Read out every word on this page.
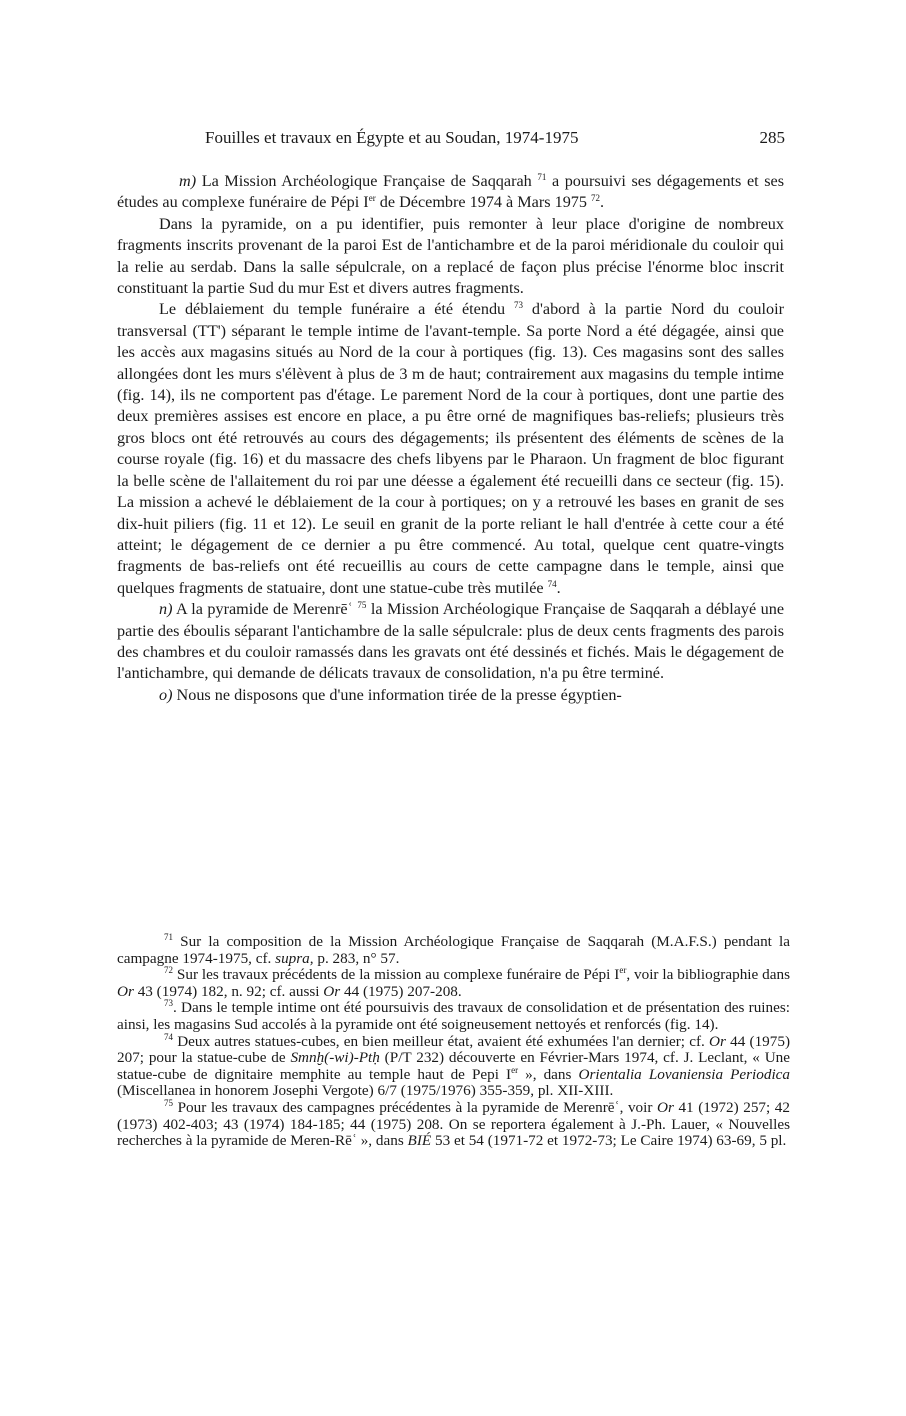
Fouilles et travaux en Égypte et au Soudan, 1974-1975	285

m) La Mission Archéologique Française de Saqqarah $^{71}$ a poursuivi ses dégagements et ses études au complexe funéraire de Pépi Ier de Décembre 1974 à Mars 1975 $^{72}$.

Dans la pyramide, on a pu identifier, puis remonter à leur place d'origine de nombreux fragments inscrits provenant de la paroi Est de l'antichambre et de la paroi méridionale du couloir qui la relie au serdab. Dans la salle sépulcrale, on a replacé de façon plus précise l'énorme bloc inscrit constituant la partie Sud du mur Est et divers autres fragments.

Le déblaiement du temple funéraire a été étendu $^{73}$ d'abord à la partie Nord du couloir transversal (TT') séparant le temple intime de l'avant-temple. Sa porte Nord a été dégagée, ainsi que les accès aux magasins situés au Nord de la cour à portiques (fig. 13). Ces magasins sont des salles allongées dont les murs s'élèvent à plus de 3 m de haut; contrairement aux magasins du temple intime (fig. 14), ils ne comportent pas d'étage. Le parement Nord de la cour à portiques, dont une partie des deux premières assises est encore en place, a pu être orné de magnifiques bas-reliefs; plusieurs très gros blocs ont été retrouvés au cours des dégagements; ils présentent des éléments de scènes de la course royale (fig. 16) et du massacre des chefs libyens par le Pharaon. Un fragment de bloc figurant la belle scène de l'allaitement du roi par une déesse a également été recueilli dans ce secteur (fig. 15). La mission a achevé le déblaiement de la cour à portiques; on y a retrouvé les bases en granit de ses dix-huit piliers (fig. 11 et 12). Le seuil en granit de la porte reliant le hall d'entrée à cette cour a été atteint; le dégagement de ce dernier a pu être commencé. Au total, quelque cent quatre-vingts fragments de bas-reliefs ont été recueillis au cours de cette campagne dans le temple, ainsi que quelques fragments de statuaire, dont une statue-cube très mutilée $^{74}$.

n) A la pyramide de Merenrēʿ $^{75}$ la Mission Archéologique Française de Saqqarah a déblayé une partie des éboulis séparant l'antichambre de la salle sépulcrale: plus de deux cents fragments des parois des chambres et du couloir ramassés dans les gravats ont été dessinés et fichés. Mais le dégagement de l'antichambre, qui demande de délicats travaux de consolidation, n'a pu être terminé.

o) Nous ne disposons que d'une information tirée de la presse égyptien-

$^{71}$ Sur la composition de la Mission Archéologique Française de Saqqarah (M.A.F.S.) pendant la campagne 1974-1975, cf. supra, p. 283, n° 57.

$^{72}$ Sur les travaux précédents de la mission au complexe funéraire de Pépi Ier, voir la bibliographie dans Or 43 (1974) 182, n. 92; cf. aussi Or 44 (1975) 207-208.

$^{73}$. Dans le temple intime ont été poursuivis des travaux de consolidation et de présentation des ruines: ainsi, les magasins Sud accolés à la pyramide ont été soigneusement nettoyés et renforcés (fig. 14).

$^{74}$ Deux autres statues-cubes, en bien meilleur état, avaient été exhumées l'an dernier; cf. Or 44 (1975) 207; pour la statue-cube de Smnḫ(-wi)-Ptḥ (P/T 232) découverte en Février-Mars 1974, cf. J. Leclant, « Une statue-cube de dignitaire memphite au temple haut de Pepi Ier », dans Orientalia Lovaniensia Periodica (Miscellanea in honorem Josephi Vergote) 6/7 (1975/1976) 355-359, pl. XII-XIII.

$^{75}$ Pour les travaux des campagnes précédentes à la pyramide de Merenrēʿ, voir Or 41 (1972) 257; 42 (1973) 402-403; 43 (1974) 184-185; 44 (1975) 208. On se reportera également à J.-Ph. Lauer, « Nouvelles recherches à la pyramide de Meren-Rēʿ », dans BIÉ 53 et 54 (1971-72 et 1972-73; Le Caire 1974) 63-69, 5 pl.
